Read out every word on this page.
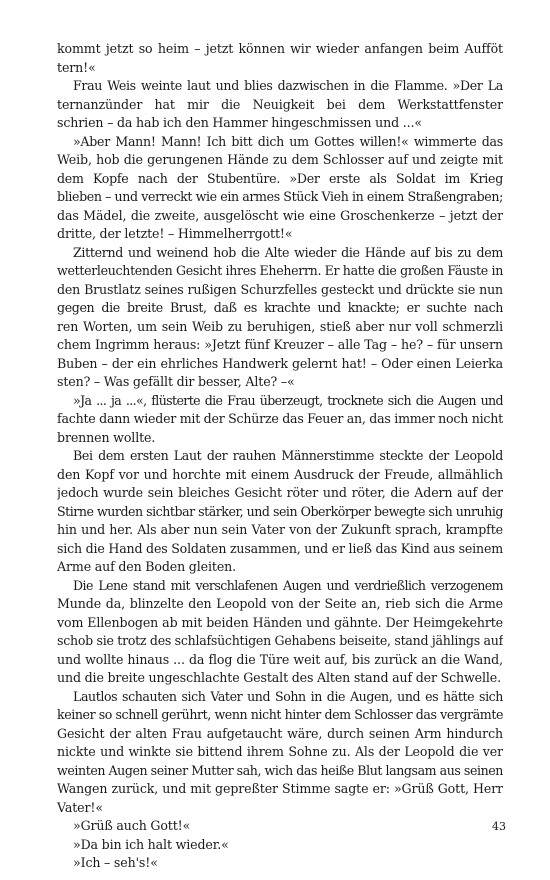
kommt jetzt so heim – jetzt können wir wieder anfangen beim Aufföt
tern!«
Frau Weis weinte laut und blies dazwischen in die Flamme. »Der La
ternanzünder hat mir die Neuigkeit bei dem Werkstattfenster
schrien – da hab ich den Hammer hingeschmissen und ...«
»Aber Mann! Mann! Ich bitt dich um Gottes willen!« wimmerte das
Weib, hob die gerungenen Hände zu dem Schlosser auf und zeigte mit
dem Kopfe nach der Stubentüre. »Der erste als Soldat im Krieg
blieben – und verreckt wie ein armes Stück Vieh in einem Straßengraben;
das Mädel, die zweite, ausgelöscht wie eine Groschenkerze – jetzt der
dritte, der letzte! – Himmelherrgott!«
Zitternd und weinend hob die Alte wieder die Hände auf bis zu dem
wetterleuchtenden Gesicht ihres Eheherrn. Er hatte die großen Fäuste in
den Brustlatz seines rußigen Schurzfelles gesteckt und drückte sie nun
gegen die breite Brust, daß es krachte und knackte; er suchte nach
ren Worten, um sein Weib zu beruhigen, stieß aber nur voll schmerzli
chem Ingrimm heraus: »Jetzt fünf Kreuzer – alle Tag – he? – für unsern
Buben – der ein ehrliches Handwerk gelernt hat! – Oder einen Leierka
sten? – Was gefällt dir besser, Alte? –«
»Ja ... ja ...«, flüsterte die Frau überzeugt, trocknete sich die Augen und
fachte dann wieder mit der Schürze das Feuer an, das immer noch nicht
brennen wollte.
Bei dem ersten Laut der rauhen Männerstimme steckte der Leopold
den Kopf vor und horchte mit einem Ausdruck der Freude, allmählich
jedoch wurde sein bleiches Gesicht röter und röter, die Adern auf der
Stirne wurden sichtbar stärker, und sein Oberkörper bewegte sich unruhig
hin und her. Als aber nun sein Vater von der Zukunft sprach, krampfte
sich die Hand des Soldaten zusammen, und er ließ das Kind aus seinem
Arme auf den Boden gleiten.
Die Lene stand mit verschlafenen Augen und verdrießlich verzogenem
Munde da, blinzelte den Leopold von der Seite an, rieb sich die Arme
vom Ellenbogen ab mit beiden Händen und gähnte. Der Heimgekehrte
schob sie trotz des schlafsüchtigen Gehabens beiseite, stand jählings auf
und wollte hinaus ... da flog die Türe weit auf, bis zurück an die Wand,
und die breite ungeschlachte Gestalt des Alten stand auf der Schwelle.
Lautlos schauten sich Vater und Sohn in die Augen, und es hätte sich
keiner so schnell gerührt, wenn nicht hinter dem Schlosser das vergrämte
Gesicht der alten Frau aufgetaucht wäre, durch seinen Arm hindurch
nickte und winkte sie bittend ihrem Sohne zu. Als der Leopold die ver
weinten Augen seiner Mutter sah, wich das heiße Blut langsam aus seinen
Wangen zurück, und mit gepreßter Stimme sagte er: »Grüß Gott, Herr
Vater!«
»Grüß auch Gott!«
»Da bin ich halt wieder.«
»Ich – seh's!«
43
